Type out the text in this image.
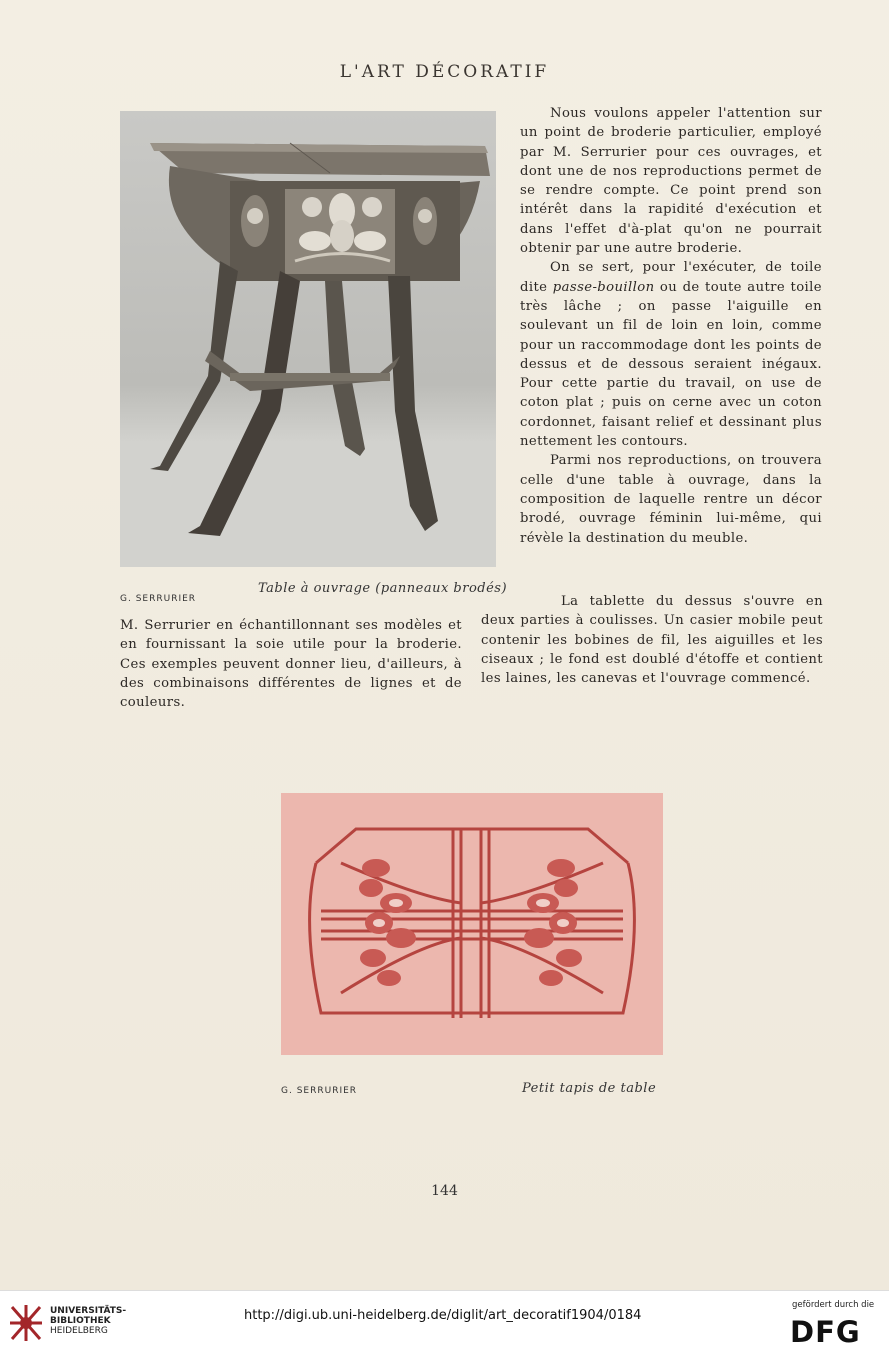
L'ART DÉCORATIF
G. SERRURIER
Table à ouvrage (panneaux brodés)

Nous voulons appeler l'attention sur un point de broderie particulier, employé par M. Serrurier pour ces ouvrages, et dont une de nos reproductions permet de se rendre compte. Ce point prend son intérêt dans la rapidité d'exécution et dans l'effet d'à-plat qu'on ne pourrait obtenir par une autre broderie.

On se sert, pour l'exécuter, de toile dite passe-bouillon ou de toute autre toile très lâche ; on passe l'aiguille en soulevant un fil de loin en loin, comme pour un raccommodage dont les points de dessus et de dessous seraient inégaux. Pour cette partie du travail, on use de coton plat ; puis on cerne avec un coton cordonnet, faisant relief et dessinant plus nettement les contours.

Parmi nos reproductions, on trouvera celle d'une table à ouvrage, dans la composition de laquelle rentre un décor brodé, ouvrage féminin lui-même, qui révèle la destination du meuble.

M. Serrurier en échantillonnant ses modèles et en fournissant la soie utile pour la broderie. Ces exemples peuvent donner lieu, d'ailleurs, à des combinaisons différentes de lignes et de couleurs.

La tablette du dessus s'ouvre en deux parties à coulisses. Un casier mobile peut contenir les bobines de fil, les aiguilles et les ciseaux ; le fond est doublé d'étoffe et contient les laines, les canevas et l'ouvrage commencé.

G. SERRURIER	Petit tapis de table
144
UNIVERSITÄTS-
BIBLIOTHEK
HEIDELBERG
http://digi.ub.uni-heidelberg.de/diglit/art_decoratif1904/0184
gefördert durch die
DFG
